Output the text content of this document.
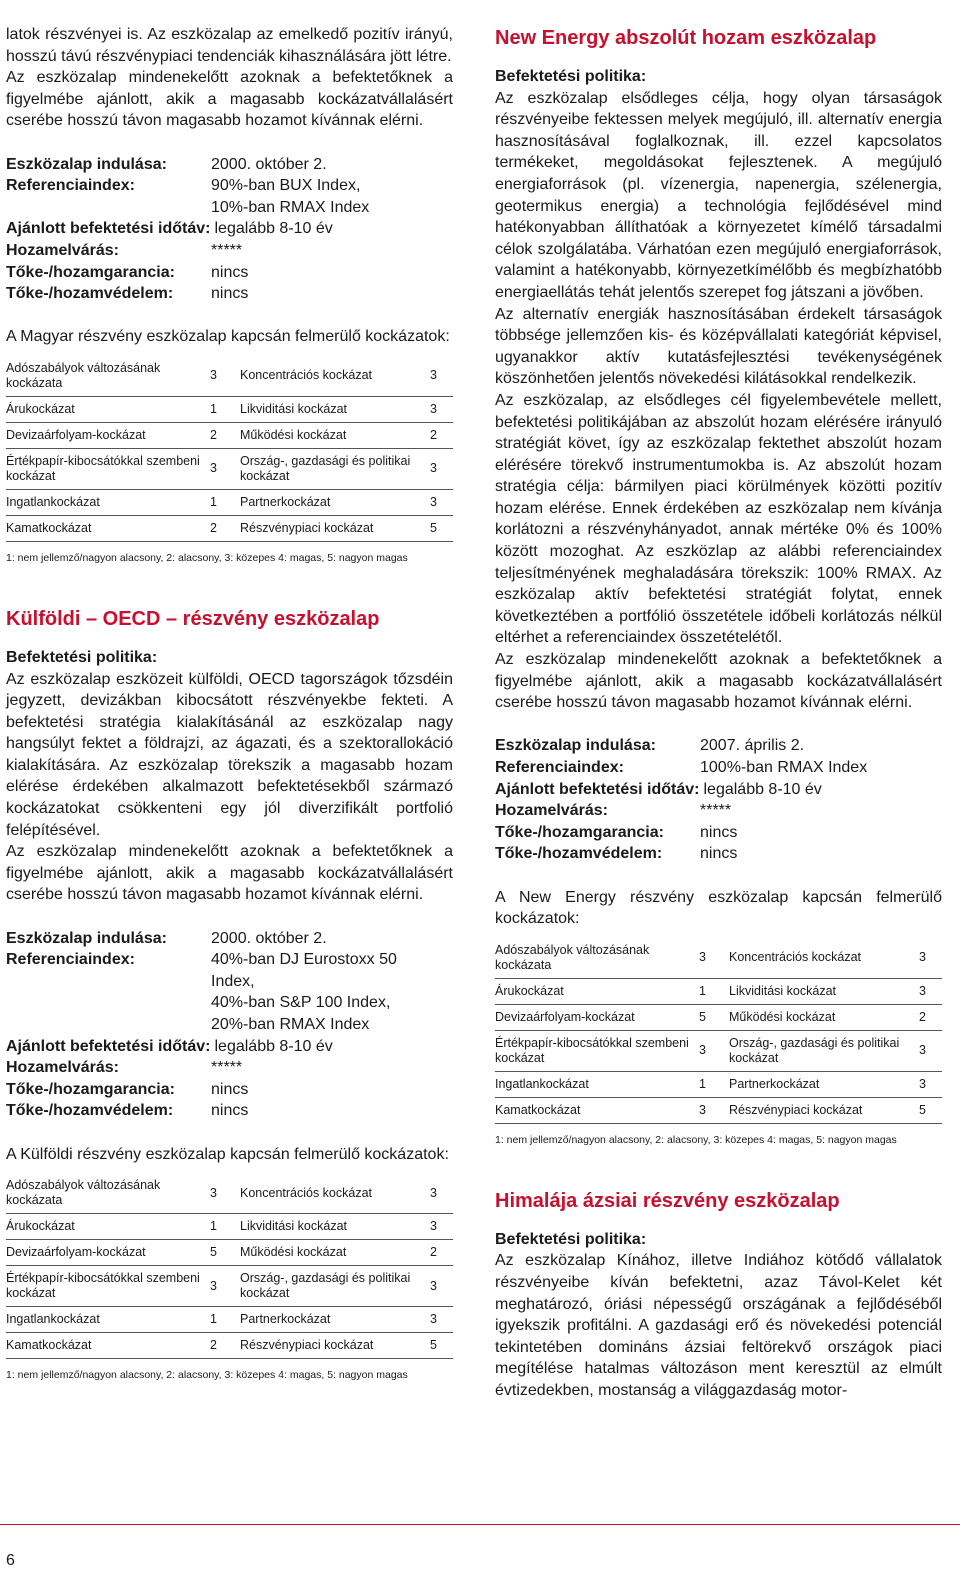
latok részvényei is. Az eszközalap az emelkedő pozitív irányú, hosszú távú részvénypiaci tendenciák kihasználására jött létre.

Az eszközalap mindenekelőtt azoknak a befektetőknek a figyelmébe ajánlott, akik a magasabb kockázatvállalásért cserébe hosszú távon magasabb hozamot kívánnak elérni.

Eszközalap indulása:	2000. október 2.
Referenciaindex:	90%-ban BUX Index,
10%-ban RMAX Index
Ajánlott befektetési időtáv: legalább 8-10 év
Hozamelvárás:	*****
Tőke-/hozamgarancia:	nincs
Tőke-/hozamvédelem:	nincs

A Magyar részvény eszközalap kapcsán felmerülő kockázatok:

Adószabályok változásának kockázata	3	Koncentrációs kockázat	3
Árukockázat	1	Likviditási kockázat	3
Devizaárfolyam-kockázat	2	Működési kockázat	2
Értékpapír-kibocsátókkal szembeni kockázat	3	Ország-, gazdasági és politikai kockázat	3
Ingatlankockázat	1	Partnerkockázat	3
Kamatkockázat	2	Részvénypiaci kockázat	5
1: nem jellemző/nagyon alacsony, 2: alacsony, 3: közepes 4: magas, 5: nagyon magas
Külföldi – OECD – részvény eszközalap
Befektetési politika:

Az eszközalap eszközeit külföldi, OECD tagországok tőzsdéin jegyzett, devizákban kibocsátott részvényekbe fekteti. A befektetési stratégia kialakításánál az eszközalap nagy hangsúlyt fektet a földrajzi, az ágazati, és a szektorallokáció kialakítására. Az eszközalap törekszik a magasabb hozam elérése érdekében alkalmazott befektetésekből származó kockázatokat csökkenteni egy jól diverzifikált portfolió felépítésével.

Az eszközalap mindenekelőtt azoknak a befektetőknek a figyelmébe ajánlott, akik a magasabb kockázatvállalásért cserébe hosszú távon magasabb hozamot kívánnak elérni.

Eszközalap indulása:	2000. október 2.
Referenciaindex:	40%-ban DJ Eurostoxx 50
Index,
40%-ban S&P 100 Index,
20%-ban RMAX Index
Ajánlott befektetési időtáv: legalább 8-10 év
Hozamelvárás:	*****
Tőke-/hozamgarancia:	nincs
Tőke-/hozamvédelem:	nincs

A Külföldi részvény eszközalap kapcsán felmerülő kockázatok:

Adószabályok változásának kockázata	3	Koncentrációs kockázat	3
Árukockázat	1	Likviditási kockázat	3
Devizaárfolyam-kockázat	5	Működési kockázat	2
Értékpapír-kibocsátókkal szembeni kockázat	3	Ország-, gazdasági és politikai kockázat	3
Ingatlankockázat	1	Partnerkockázat	3
Kamatkockázat	2	Részvénypiaci kockázat	5
1: nem jellemző/nagyon alacsony, 2: alacsony, 3: közepes 4: magas, 5: nagyon magas
New Energy abszolút hozam eszközalap
Befektetési politika:

Az eszközalap elsődleges célja, hogy olyan társaságok részvényeibe fektessen melyek megújuló, ill. alternatív energia hasznosításával foglalkoznak, ill. ezzel kapcsolatos termékeket, megoldásokat fejlesztenek. A megújuló energiaforrások (pl. vízenergia, napenergia, szélenergia, geotermikus energia) a technológia fejlődésével mind hatékonyabban állíthatóak a környezetet kímélő társadalmi célok szolgálatába. Várhatóan ezen megújuló energiaforrások, valamint a hatékonyabb, környezetkímélőbb és megbízhatóbb energiaellátás tehát jelentős szerepet fog játszani a jövőben.

Az alternatív energiák hasznosításában érdekelt társaságok többsége jellemzően kis- és középvállalati kategóriát képvisel, ugyanakkor aktív kutatásfejlesztési tevékenységének köszönhetően jelentős növekedési kilátásokkal rendelkezik.

Az eszközalap, az elsődleges cél figyelembevétele mellett, befektetési politikájában az abszolút hozam elérésére irányuló stratégiát követ, így az eszközalap fektethet abszolút hozam elérésére törekvő instrumentumokba is. Az abszolút hozam stratégia célja: bármilyen piaci körülmények közötti pozitív hozam elérése. Ennek érdekében az eszközalap nem kívánja korlátozni a részvényhányadot, annak mértéke 0% és 100% között mozoghat. Az eszközlap az alábbi referenciaindex teljesítményének meghaladására törekszik: 100% RMAX. Az eszközalap aktív befektetési stratégiát folytat, ennek következtében a portfólió összetétele időbeli korlátozás nélkül eltérhet a referenciaindex összetételétől.

Az eszközalap mindenekelőtt azoknak a befektetőknek a figyelmébe ajánlott, akik a magasabb kockázatvállalásért cserébe hosszú távon magasabb hozamot kívánnak elérni.

Eszközalap indulása:	2007. április 2.
Referenciaindex:	100%-ban RMAX Index
Ajánlott befektetési időtáv: legalább 8-10 év
Hozamelvárás:	*****
Tőke-/hozamgarancia:	nincs
Tőke-/hozamvédelem:	nincs

A New Energy részvény eszközalap kapcsán felmerülő kockázatok:

Adószabályok változásának kockázata	3	Koncentrációs kockázat	3
Árukockázat	1	Likviditási kockázat	3
Devizaárfolyam-kockázat	5	Működési kockázat	2
Értékpapír-kibocsátókkal szembeni kockázat	3	Ország-, gazdasági és politikai kockázat	3
Ingatlankockázat	1	Partnerkockázat	3
Kamatkockázat	3	Részvénypiaci kockázat	5
1: nem jellemző/nagyon alacsony, 2: alacsony, 3: közepes 4: magas, 5: nagyon magas
Himalája ázsiai részvény eszközalap
Befektetési politika:

Az eszközalap Kínához, illetve Indiához kötődő vállalatok részvényeibe kíván befektetni, azaz Távol-Kelet két meghatározó, óriási népességű országának a fejlődéséből igyekszik profitálni. A gazdasági erő és növekedési potenciál tekintetében domináns ázsiai feltörekvő országok piaci megítélése hatalmas változáson ment keresztül az elmúlt évtizedekben, mostanság a világgazdaság motor-

6
